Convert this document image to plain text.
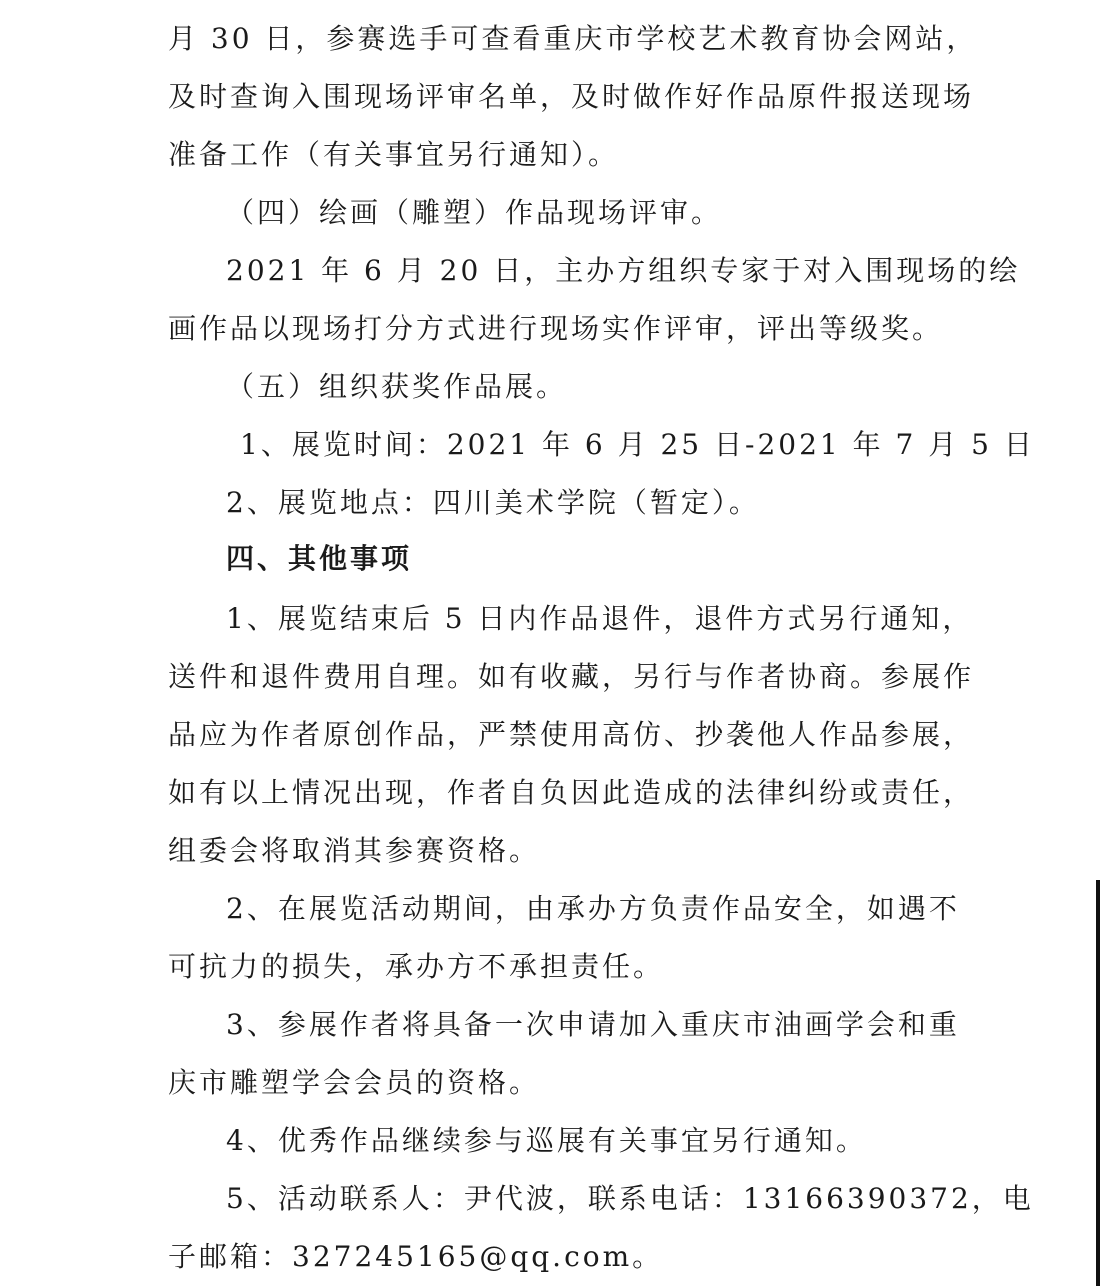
月 30 日，参赛选手可查看重庆市学校艺术教育协会网站，
及时查询入围现场评审名单，及时做作好作品原件报送现场
准备工作（有关事宜另行通知）。
（四）绘画（雕塑）作品现场评审。
2021 年 6 月 20 日，主办方组织专家于对入围现场的绘
画作品以现场打分方式进行现场实作评审，评出等级奖。
（五）组织获奖作品展。
1、展览时间：2021 年 6 月 25 日-2021 年 7 月 5 日
2、展览地点：四川美术学院（暂定）。
四、其他事项
1、展览结束后 5 日内作品退件，退件方式另行通知，
送件和退件费用自理。如有收藏，另行与作者协商。参展作
品应为作者原创作品，严禁使用高仿、抄袭他人作品参展，
如有以上情况出现，作者自负因此造成的法律纠纷或责任，
组委会将取消其参赛资格。
2、在展览活动期间，由承办方负责作品安全，如遇不
可抗力的损失，承办方不承担责任。
3、参展作者将具备一次申请加入重庆市油画学会和重
庆市雕塑学会会员的资格。
4、优秀作品继续参与巡展有关事宜另行通知。
5、活动联系人：尹代波，联系电话：13166390372，电
子邮箱：327245165@qq.com。
